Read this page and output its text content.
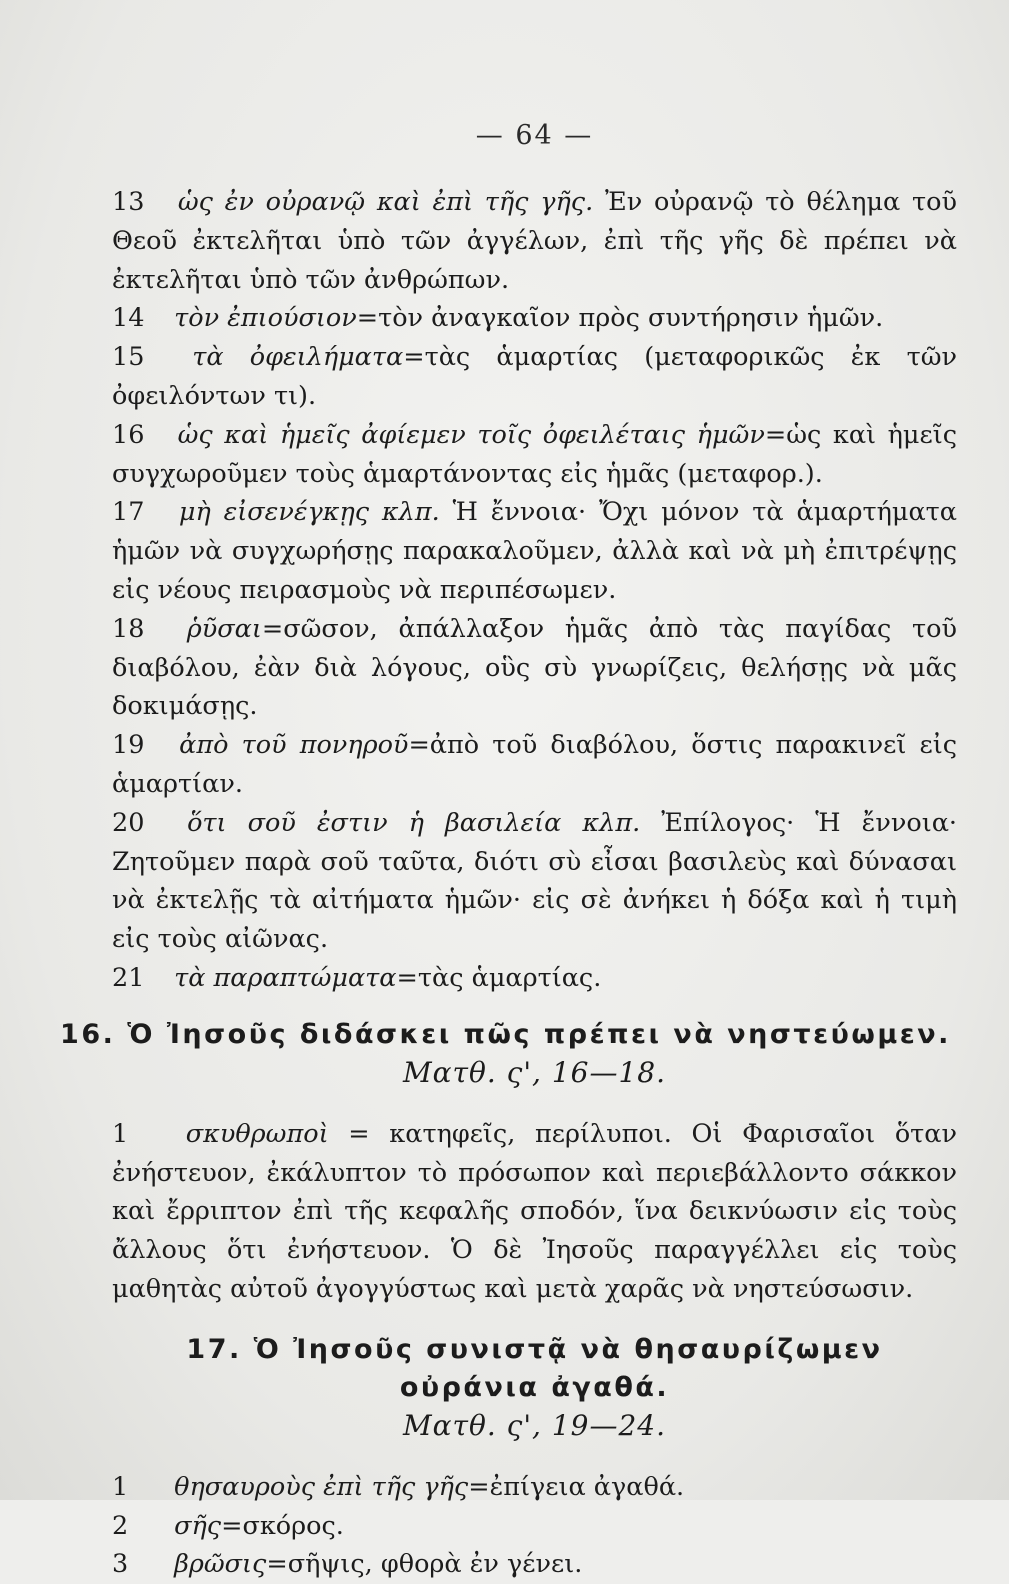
— 64 —

13 ὡς ἐν οὐρανῷ καὶ ἐπὶ τῆς γῆς. Ἐν οὐρανῷ τὸ θέλημα τοῦ Θεοῦ ἐκτελῆται ὑπὸ τῶν ἀγγέλων, ἐπὶ τῆς γῆς δὲ πρέπει νὰ ἐκτελῆται ὑπὸ τῶν ἀνθρώπων.

14 τὸν ἐπιούσιον=τὸν ἀναγκαῖον πρὸς συντήρησιν ἡμῶν.

15 τὰ ὀφειλήματα=τὰς ἁμαρτίας (μεταφορικῶς ἐκ τῶν ὀφειλόντων τι).

16 ὡς καὶ ἡμεῖς ἀφίεμεν τοῖς ὀφειλέταις ἡμῶν=ὡς καὶ ἡμεῖς συγχωροῦμεν τοὺς ἁμαρτάνοντας εἰς ἡμᾶς (μεταφορ.).

17 μὴ εἰσενέγκῃς κλπ. Ἡ ἔννοια· Ὄχι μόνον τὰ ἁμαρτήματα ἡμῶν νὰ συγχωρήσῃς παρακαλοῦμεν, ἀλλὰ καὶ νὰ μὴ ἐπιτρέψῃς εἰς νέους πειρασμοὺς νὰ περιπέσωμεν.

18 ῥῦσαι=σῶσον, ἀπάλλαξον ἡμᾶς ἀπὸ τὰς παγίδας τοῦ διαβόλου, ἐὰν διὰ λόγους, οὓς σὺ γνωρίζεις, θελήσῃς νὰ μᾶς δοκιμάσῃς.

19 ἀπὸ τοῦ πονηροῦ=ἀπὸ τοῦ διαβόλου, ὅστις παρακινεῖ εἰς ἁμαρτίαν.

20 ὅτι σοῦ ἐστιν ἡ βασιλεία κλπ. Ἐπίλογος· Ἡ ἔννοια· Ζητοῦμεν παρὰ σοῦ ταῦτα, διότι σὺ εἶσαι βασιλεὺς καὶ δύνασαι νὰ ἐκτελῇς τὰ αἰτήματα ἡμῶν· εἰς σὲ ἀνήκει ἡ δόξα καὶ ἡ τιμὴ εἰς τοὺς αἰῶνας.

21 τὰ παραπτώματα=τὰς ἁμαρτίας.

16. Ὁ Ἰησοῦς διδάσκει πῶς πρέπει νὰ νηστεύωμεν.
Ματθ. ς', 16—18.

1 σκυθρωποὶ = κατηφεῖς, περίλυποι. Οἱ Φαρισαῖοι ὅταν ἐνήστευον, ἐκάλυπτον τὸ πρόσωπον καὶ περιεβάλλοντο σάκκον καὶ ἔρριπτον ἐπὶ τῆς κεφαλῆς σποδόν, ἵνα δεικνύωσιν εἰς τοὺς ἄλλους ὅτι ἐνήστευον. Ὁ δὲ Ἰησοῦς παραγγέλλει εἰς τοὺς μαθητὰς αὐτοῦ ἀγογγύστως καὶ μετὰ χαρᾶς νὰ νηστεύσωσιν.

17. Ὁ Ἰησοῦς συνιστᾷ νὰ θησαυρίζωμεν
οὐράνια ἀγαθά.
Ματθ. ς', 19—24.

1 θησαυροὺς ἐπὶ τῆς γῆς=ἐπίγεια ἀγαθά.

2 σῆς=σκόρος.

3 βρῶσις=σῆψις, φθορὰ ἐν γένει.
